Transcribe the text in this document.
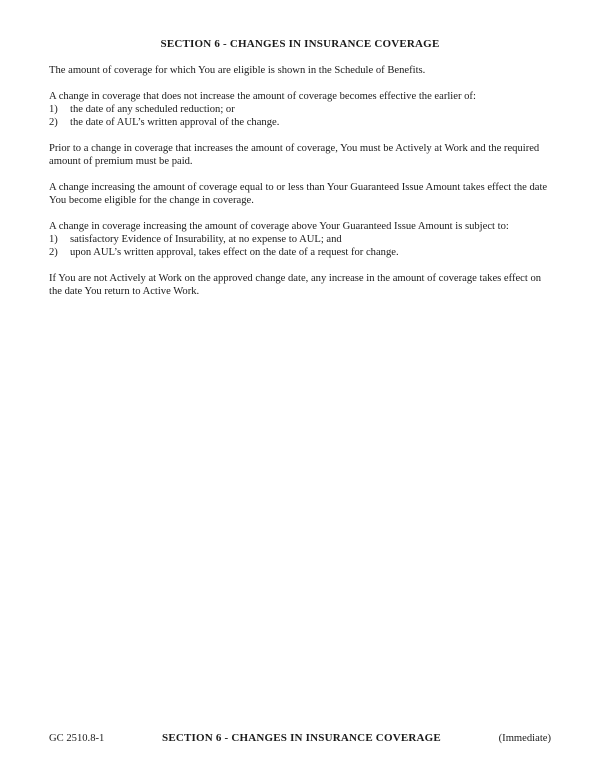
SECTION 6 - CHANGES IN INSURANCE COVERAGE

The amount of coverage for which You are eligible is shown in the Schedule of Benefits.

A change in coverage that does not increase the amount of coverage becomes effective the earlier of:

1)	the date of any scheduled reduction; or
2)	the date of AUL’s written approval of the change.

Prior to a change in coverage that increases the amount of coverage, You must be Actively at Work and the required amount of premium must be paid.

A change increasing the amount of coverage equal to or less than Your Guaranteed Issue Amount takes effect the date You become eligible for the change in coverage.

A change in coverage increasing the amount of coverage above Your Guaranteed Issue Amount is subject to:

1)	satisfactory Evidence of Insurability, at no expense to AUL; and
2)	upon AUL’s written approval, takes effect on the date of a request for change.

If You are not Actively at Work on the approved change date, any increase in the amount of coverage takes effect on the date You return to Active Work.

GC 2510.8-1	SECTION 6 - CHANGES IN INSURANCE COVERAGE	(Immediate)
